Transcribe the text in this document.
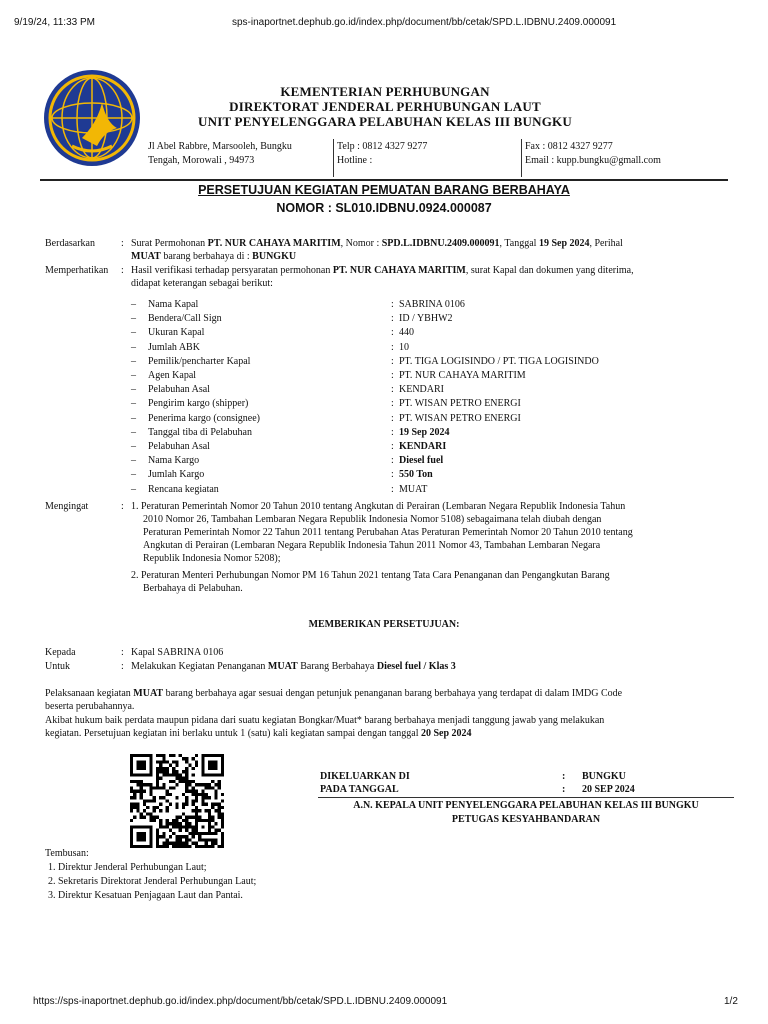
9/19/24, 11:33 PM	sps-inaportnet.dephub.go.id/index.php/document/bb/cetak/SPD.L.IDBNU.2409.000091
KEMENTERIAN PERHUBUNGAN
DIREKTORAT JENDERAL PERHUBUNGAN LAUT
UNIT PENYELENGGARA PELABUHAN KELAS III BUNGKU
Jl Abel Rabbre, Marsooleh, Bungku
Tengah, Morowali , 94973
Telp : 0812 4327 9277
Hotline :
Fax : 0812 4327 9277
Email : kupp.bungku@gmall.com
PERSETUJUAN KEGIATAN PEMUATAN BARANG BERBAHAYA
NOMOR : SL010.IDBNU.0924.000087
Berdasarkan	: Surat Permohonan PT. NUR CAHAYA MARITIM, Nomor : SPD.L.IDBNU.2409.000091, Tanggal 19 Sep 2024, Perihal
MUAT barang berbahaya di : BUNGKU
Memperhatikan : Hasil verifikasi terhadap persyaratan permohonan PT. NUR CAHAYA MARITIM, surat Kapal dan dokumen yang diterima,
didapat keterangan sebagai berikut:
– Nama Kapal	: SABRINA 0106
– Bendera/Call Sign	: ID / YBHW2
– Ukuran Kapal	: 440
– Jumlah ABK	: 10
– Pemilik/pencharter Kapal	: PT. TIGA LOGISINDO / PT. TIGA LOGISINDO
– Agen Kapal	: PT. NUR CAHAYA MARITIM
– Pelabuhan Asal	: KENDARI
– Pengirim kargo (shipper)	: PT. WISAN PETRO ENERGI
– Penerima kargo (consignee)	: PT. WISAN PETRO ENERGI
– Tanggal tiba di Pelabuhan	: 19 Sep 2024
– Pelabuhan Asal	: KENDARI
– Nama Kargo	: Diesel fuel
– Jumlah Kargo	: 550 Ton
– Rencana kegiatan	: MUAT
Mengingat	: 1. Peraturan Pemerintah Nomor 20 Tahun 2010 tentang Angkutan di Perairan (Lembaran Negara Republik Indonesia Tahun
2010 Nomor 26, Tambahan Lembaran Negara Republik Indonesia Nomor 5108) sebagaimana telah diubah dengan
Peraturan Pemerintah Nomor 22 Tahun 2011 tentang Perubahan Atas Peraturan Pemerintah Nomor 20 Tahun 2010 tentang
Angkutan di Perairan (Lembaran Negara Republik Indonesia Tahun 2011 Nomor 43, Tambahan Lembaran Negara
Republik Indonesia Nomor 5208);
2. Peraturan Menteri Perhubungan Nomor PM 16 Tahun 2021 tentang Tata Cara Penanganan dan Pengangkutan Barang
Berbahaya di Pelabuhan.
MEMBERIKAN PERSETUJUAN:
Kepada	: Kapal SABRINA 0106
Untuk	: Melakukan Kegiatan Penanganan MUAT Barang Berbahaya Diesel fuel / Klas 3
Pelaksanaan kegiatan MUAT barang berbahaya agar sesuai dengan petunjuk penanganan barang berbahaya yang terdapat di dalam IMDG Code
beserta perubahannya.
Akibat hukum baik perdata maupun pidana dari suatu kegiatan Bongkar/Muat* barang berbahaya menjadi tanggung jawab yang melakukan
kegiatan. Persetujuan kegiatan ini berlaku untuk 1 (satu) kali kegiatan sampai dengan tanggal 20 Sep 2024
DIKELUARKAN DI	: BUNGKU
PADA TANGGAL	: 20 SEP 2024
A.N. KEPALA UNIT PENYELENGGARA PELABUHAN KELAS III BUNGKU
PETUGAS KESYAHBANDARAN
Tembusan:
1. Direktur Jenderal Perhubungan Laut;
2. Sekretaris Direktorat Jenderal Perhubungan Laut;
3. Direktur Kesatuan Penjagaan Laut dan Pantai.
https://sps-inaportnet.dephub.go.id/index.php/document/bb/cetak/SPD.L.IDBNU.2409.000091	1/2
